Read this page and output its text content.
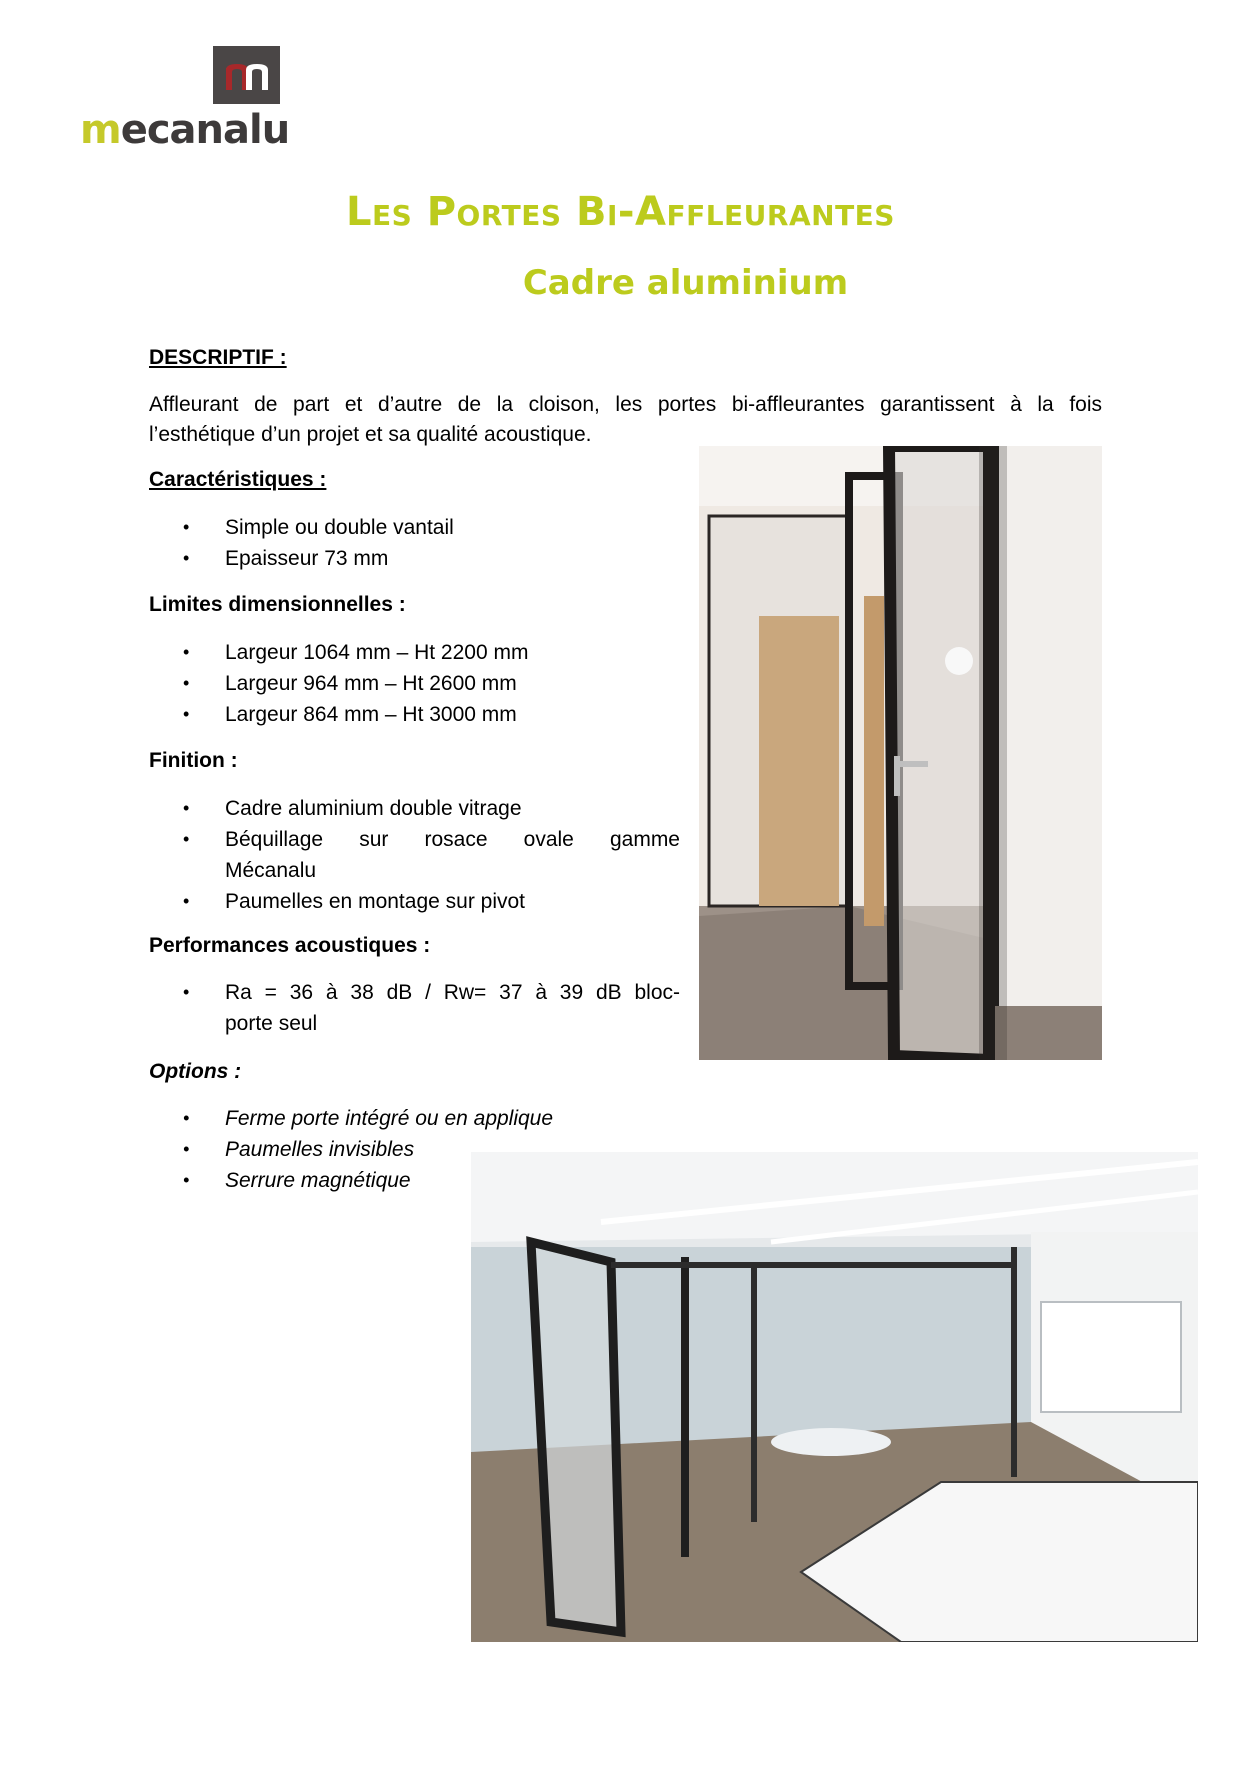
mecanalu
Les Portes Bi-Affleurantes
Cadre aluminium
DESCRIPTIF :
Affleurant de part et d’autre de la cloison, les portes bi-affleurantes garantissent à la fois
l’esthétique d’un projet et sa qualité acoustique.
Caractéristiques :
• Simple ou double vantail
• Epaisseur 73 mm
Limites dimensionnelles :
• Largeur 1064 mm – Ht 2200 mm
• Largeur 964 mm – Ht 2600 mm
• Largeur 864 mm – Ht 3000 mm
Finition :
• Cadre aluminium double vitrage
• Béquillage sur rosace ovale gamme
Mécanalu
• Paumelles en montage sur pivot
Performances acoustiques :
• Ra = 36 à 38 dB / Rw= 37 à 39 dB bloc-
porte seul
Options :
• Ferme porte intégré ou en applique
• Paumelles invisibles
• Serrure magnétique
